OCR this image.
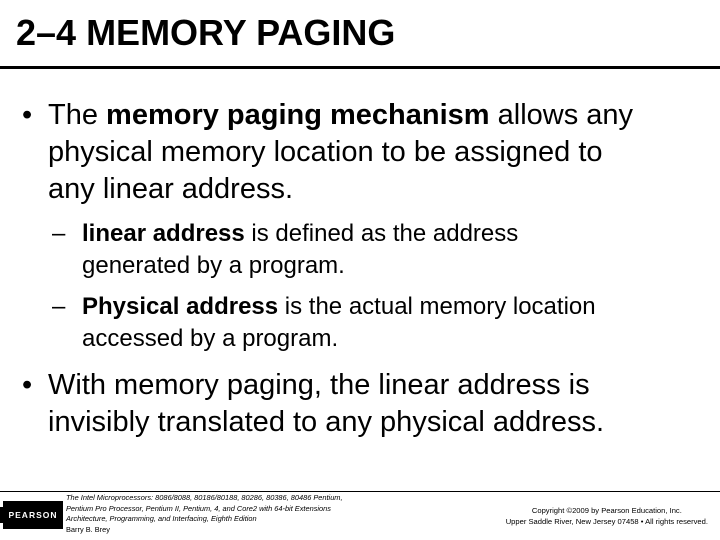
2–4 MEMORY PAGING
• The memory paging mechanism allows any
physical memory location to be assigned to
any linear address.
– linear address is defined as the address
generated by a program.
– Physical address is the actual memory location
accessed by a program.
• With memory paging, the linear address is
invisibly translated to any physical address.
PEARSON
The Intel Microprocessors: 8086/8088, 80186/80188, 80286, 80386, 80486 Pentium,
Pentium Pro Processor, Pentium II, Pentium, 4, and Core2 with 64-bit Extensions
Architecture, Programming, and Interfacing, Eighth Edition
Barry B. Brey
Copyright ©2009 by Pearson Education, Inc.
Upper Saddle River, New Jersey 07458 • All rights reserved.
